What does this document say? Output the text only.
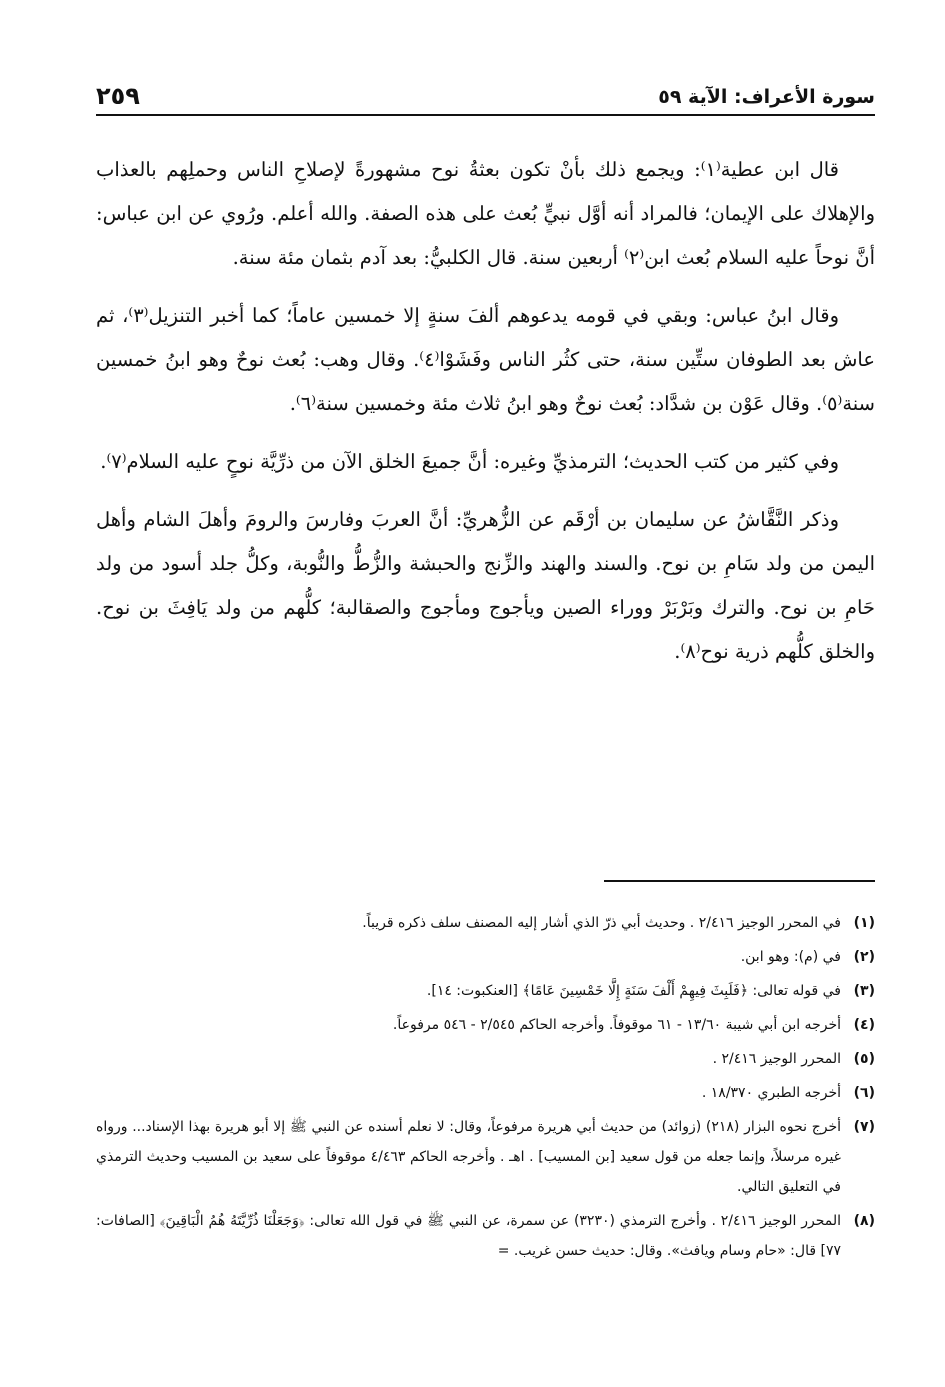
سورة الأعراف: الآية ٥٩
٢٥٩

قال ابن عطية⁽١⁾: ويجمع ذلك بأنْ تكون بعثةُ نوح مشهورةً لإصلاحِ الناس وحملِهم بالعذاب والإهلاك على الإيمان؛ فالمراد أنه أوَّل نبيٍّ بُعث على هذه الصفة. والله أعلم. ورُوي عن ابن عباس: أنَّ نوحاً عليه السلام بُعث ابن⁽٢⁾ أربعين سنة. قال الكلبيُّ: بعد آدم بثمان مئة سنة.

وقال ابنُ عباس: وبقي في قومه يدعوهم ألفَ سنةٍ إلا خمسين عاماً؛ كما أخبر التنزيل⁽٣⁾، ثم عاش بعد الطوفان ستِّين سنة، حتى كثُر الناس وفَشَوْا⁽٤⁾. وقال وهب: بُعث نوحٌ وهو ابنُ خمسين سنة⁽٥⁾. وقال عَوْن بن شدَّاد: بُعث نوحٌ وهو ابنُ ثلاث مئة وخمسين سنة⁽٦⁾.

وفي كثير من كتب الحديث؛ الترمذيِّ وغيره: أنَّ جميعَ الخلق الآن من ذرِّيَّة نوحٍ عليه السلام⁽٧⁾.

وذكر النَّقَّاشُ عن سليمان بن أرْقَم عن الزُّهريِّ: أنَّ العربَ وفارسَ والرومَ وأهلَ الشام وأهل اليمن من ولد سَامِ بن نوح. والسند والهند والزِّنج والحبشة والزُّطُّ والنُّوبة، وكلُّ جلد أسود من ولد حَامِ بن نوح. والترك وبَرْبَرْ ووراء الصين ويأجوج ومأجوج والصقالبة؛ كلُّهم من ولد يَافِثَ بن نوح. والخلق كلُّهم ذرية نوح⁽٨⁾.

(١)
في المحرر الوجيز ٢/٤١٦ . وحديث أبي ذرّ الذي أشار إليه المصنف سلف ذكره قريباً.
(٢)
في (م): وهو ابن.
(٣)
في قوله تعالى: ﴿فَلَبِثَ فِيهِمْ أَلْفَ سَنَةٍ إِلَّا خَمْسِينَ عَامًا﴾ [العنكبوت: ١٤].
(٤)
أخرجه ابن أبي شيبة ١٣/٦٠ - ٦١ موقوفاً. وأخرجه الحاكم ٢/٥٤٥ - ٥٤٦ مرفوعاً.
(٥)
المحرر الوجيز ٢/٤١٦ .
(٦)
أخرجه الطبري ١٨/٣٧٠ .
(٧)
أخرج نحوه البزار (٢١٨) (زوائد) من حديث أبي هريرة مرفوعاً، وقال: لا نعلم أسنده عن النبي ﷺ إلا أبو هريرة بهذا الإسناد... ورواه غيره مرسلاً، وإنما جعله من قول سعيد [بن المسيب] . اهـ . وأخرجه الحاكم ٤/٤٦٣ موقوفاً على سعيد بن المسيب وحديث الترمذي في التعليق التالي.
(٨)
المحرر الوجيز ٢/٤١٦ . وأخرج الترمذي (٣٢٣٠) عن سمرة، عن النبي ﷺ في قول الله تعالى: ﴿وَجَعَلْنَا ذُرِّيَّتَهُ هُمُ الْبَاقِينَ﴾ [الصافات: ٧٧] قال: «حام وسام ويافث». وقال: حديث حسن غريب. =
